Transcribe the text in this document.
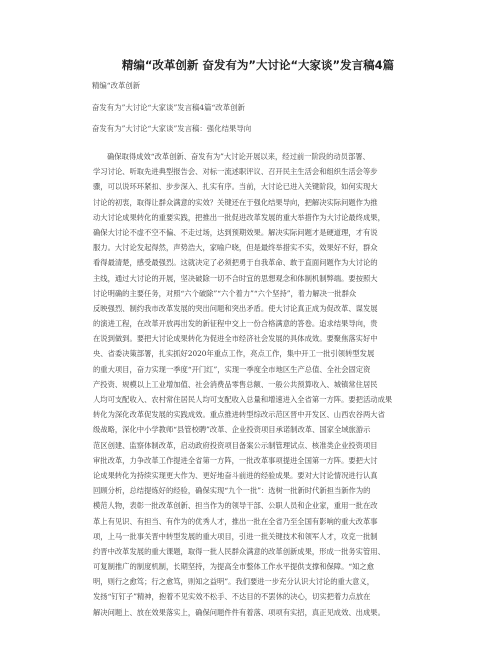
精编“改革创新 奋发有为”大讨论“大家谈”发言稿4篇
精编“改革创新
奋发有为”大讨论“大家谈”发言稿4篇“改革创新
奋发有为”大讨论“大家谈”发言稿：强化结果导向
确保取得成效“改革创新、奋发有为”大讨论开展以来，经过前一阶段的动员部署、
学习讨论、听取先进典型报告会、对标一流述职评议、召开民主生活会和组织生活会等步
骤，可以说环环紧扣、步步深入、扎实有序。当前，大讨论已进入关键阶段，如何实现大
讨论的初衷，取得让群众满意的实效？关键还在于强化结果导向，把解决实际问题作为推
动大讨论成果转化的重要实践，把推出一批促进改革发展的重大举措作为大讨论最终成果，
确保大讨论不虚不空不偏、不走过场，达到预期效果。解决实际问题才是硬道理，才有说
服力。大讨论发起得然，声势浩大，家喻户晓，但是最终举措实不实，效果好不好，群众
看得最清楚，感受最强烈。这就决定了必须把勇于自我革命、敢于直面问题作为大讨论的
主线，通过大讨论的开展，坚决破除一切不合时宜的思想观念和体制机制弊端。要按照大
讨论明确的主要任务，对照“六个破除”“六个着力”“六个坚持”，着力解决一批群众
反映强烈、制约我市改革发展的突出问题和突出矛盾。使大讨论真正成为促改革、谋发展
的演进工程，在改革开放再出发的新征程中交上一份合格满意的答卷。追求结果导向，贵
在说到做到。要把大讨论成果转化为促进全市经济社会发展的具体成效。要聚焦落实好中
央、省委决策部署，扎实抓好2020年重点工作，亮点工作，集中开工一批引领转型发展
的重大项目，奋力实现一季度“开门红”，实现一季度全市地区生产总值、全社会固定资
产投资、规模以上工业增加值、社会消费品零售总额、一般公共预算收入、城镇常住居民
人均可支配收入、农村常住居民人均可支配收入总量和增速进入全省第一方阵。要把活动成果
转化为深化改革促发展的实践成效。重点推进转型综改示范区晋中开发区、山西农谷两大省
级战略，深化中小学教师“县管校聘”改革、企业投资项目承诺制改革、国家全域旅游示
范区创建、监察体制改革，启动政府投资项目备案公示制管理试点、核准类企业投资项目
审批改革，力争改革工作提进全省第一方阵，一批改革事项提进全国第一方阵。要把大讨
论成果转化为持续实现更大作为、更好地奋斗前进的经验成果。要对大讨论情况进行认真
回顾分析，总结提炼好的经验，确保实现“九个一批”：选树一批新时代新担当新作为的
模范人物，表彰一批改革创新、担当作为的领导干部、公职人员和企业家，重用一批在改
革上有见识、有担当、有作为的优秀人才，推出一批在全省乃至全国有影响的重大改革事
项，上马一批事关晋中转型发展的重大项目，引进一批关键技术和领军人才，攻克一批制
约晋中改革发展的重大课题，取得一批人民群众满意的改革创新成果，形成一批务实管用、
可复制推广的制度机制，长期坚持，为提高全市整体工作水平提供支撑和保障。“知之愈
明，则行之愈笃；行之愈笃，则知之益明”。我们要进一步充分认识大讨论的重大意义，
发扬“钉钉子”精神，抱着不见实效不松手、不达目的不罢休的决心，切实把着力点放在
解决问题上、放在效果落实上，确保问题件件有着落、项项有实招，真正见成效、出成果。
